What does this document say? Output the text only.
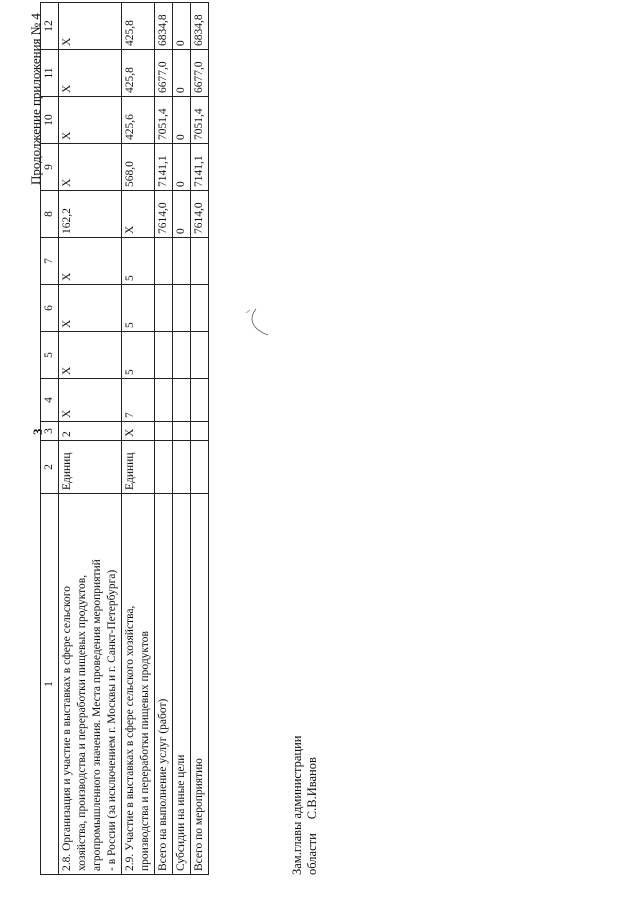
3
Продолжение приложения № 4
1	2	3	4	5	6	7	8	9	10	11	12

2.8. Организация и участие в выставках в сфере сельского хозяйства, производства и переработки пищевых продуктов, агропромышленного значения. Места проведения мероприятий - в России (за исключением г. Москвы и г. Санкт-Петербурга)	Единиц	2	X	X	X	X	162,2	X	X	X	X

2.9. Участие в выставках в сфере сельского хозяйства, производства и переработки пищевых продуктов	Единиц	X	7	5	5	5	X	568,0	425,6	425,8	425,8

Всего на выполнение услуг (работ)							7614,0	7141,1	7051,4	6677,0	6834,8

Субсидии на иные цели							0	0	0	0	0

Всего по мероприятию							7614,0	7141,1	7051,4	6677,0	6834,8
Зам.главы администрации областиС.В.Иванов
